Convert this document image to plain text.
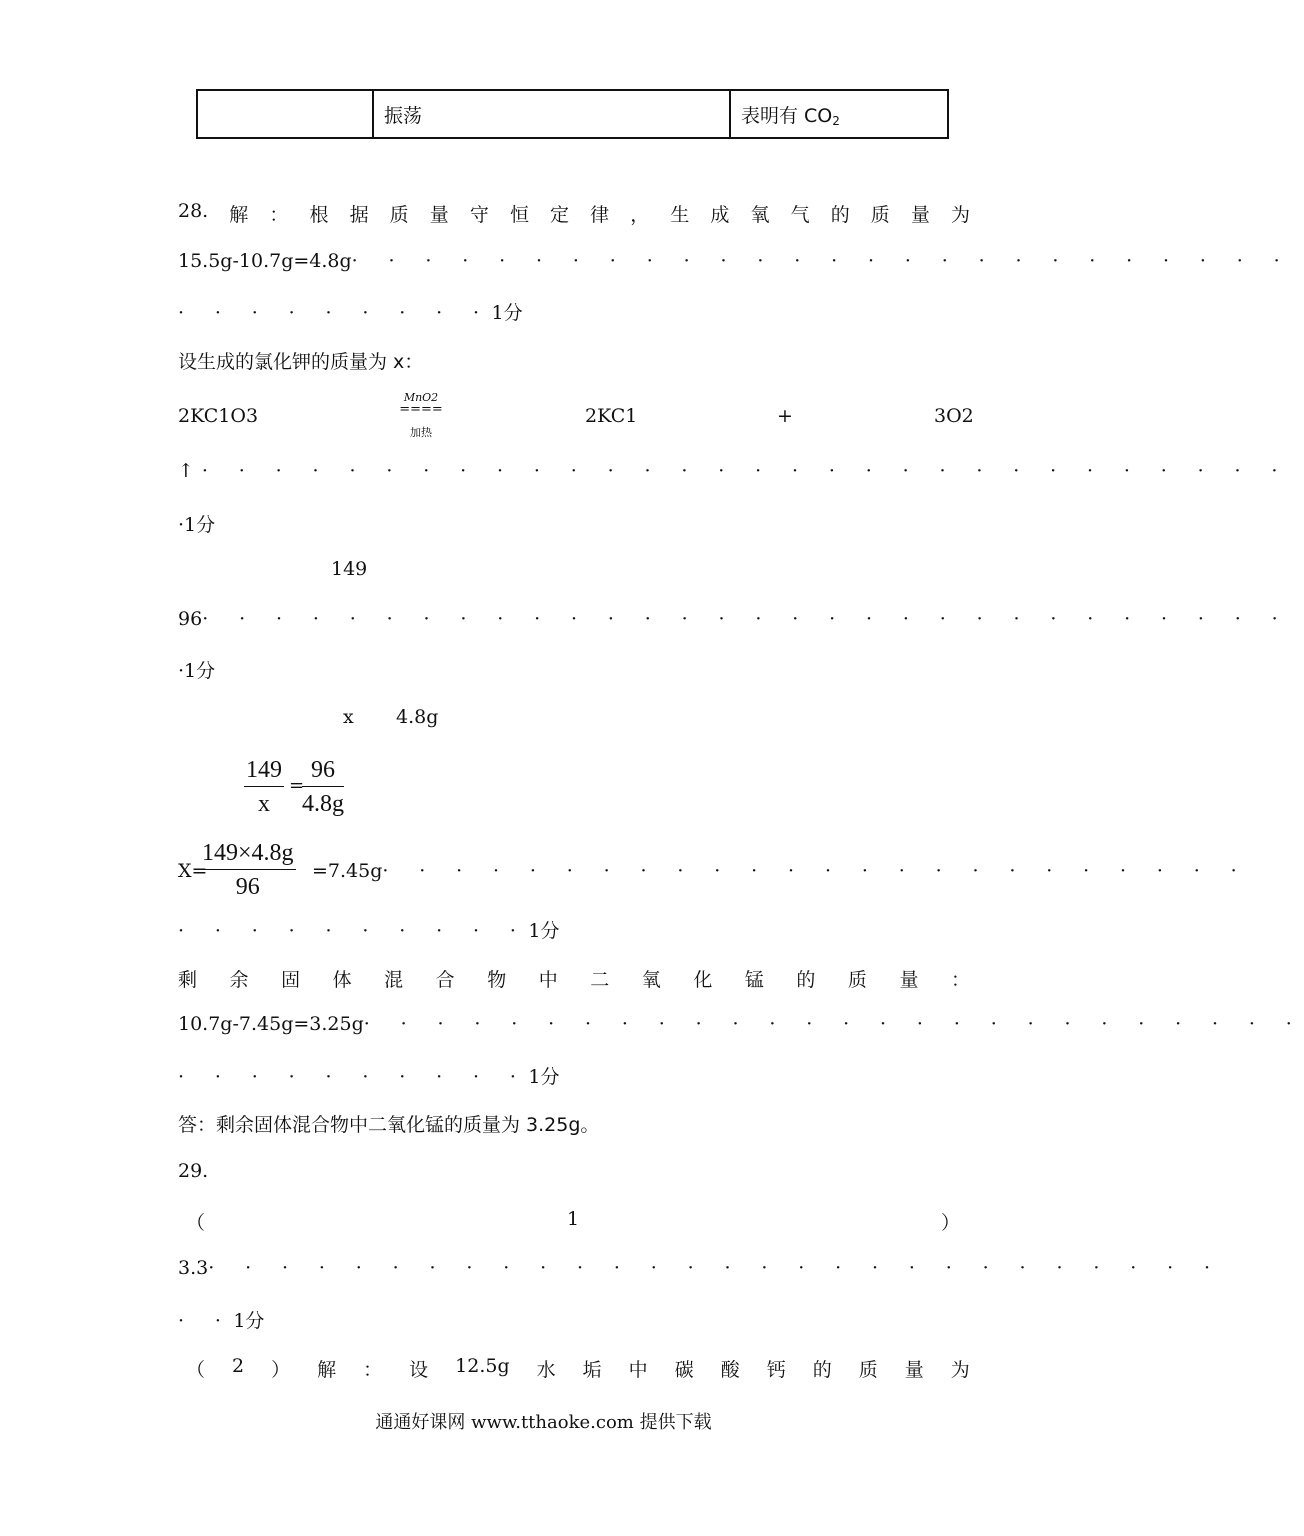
	振荡	表明有 $CO_2$
28. 解 ： 根 据 质 量 守 恒 定 律 ， 生 成 氧 气 的 质 量 为
15.5g-10.7g=4.8g· · · · · · · · · · · · · · · · · · · · · · · · · ·
· · · · · · · · ·1分
设生成的氯化钾的质量为 x：
2KC1O3
MnO2
====
加热
2KC1	+	3O2
↑ · · · · · · · · · · · · · · · · · · · · · · · · · · · · · ·
·1分
149
96· · · · · · · · · · · · · · · · · · · · · · · · · · · · · ·
·1分
x 4.8g
$\frac{149}{x}$ =
$\frac{96}{4.8g}$
X=
$\frac{149\times 4.8g}{96} =7.45g\cdot$ · · · · · · · · · · · · · · · · · · · · · · ·
· · · · · · · · · ·1分
剩 余 固 体 混 合 物 中 二 氧 化 锰 的 质 量 ：
10.7g-7.45g=3.25g· · · · · · · · · · · · · · · · · · · · · · · · · ·
· · · · · · · · · ·1分
答：剩余固体混合物中二氧化锰的质量为 3.25g。
29.
（	1	）
3.3· · · · · · · · · · · · · · · · · · · · · · · · · · · ·
· ·1分
（ 2 ） 解 ： 设 12.5g 水 垢 中 碳 酸 钙 的 质 量 为
通通好课网 www.tthaoke.com 提供下载
